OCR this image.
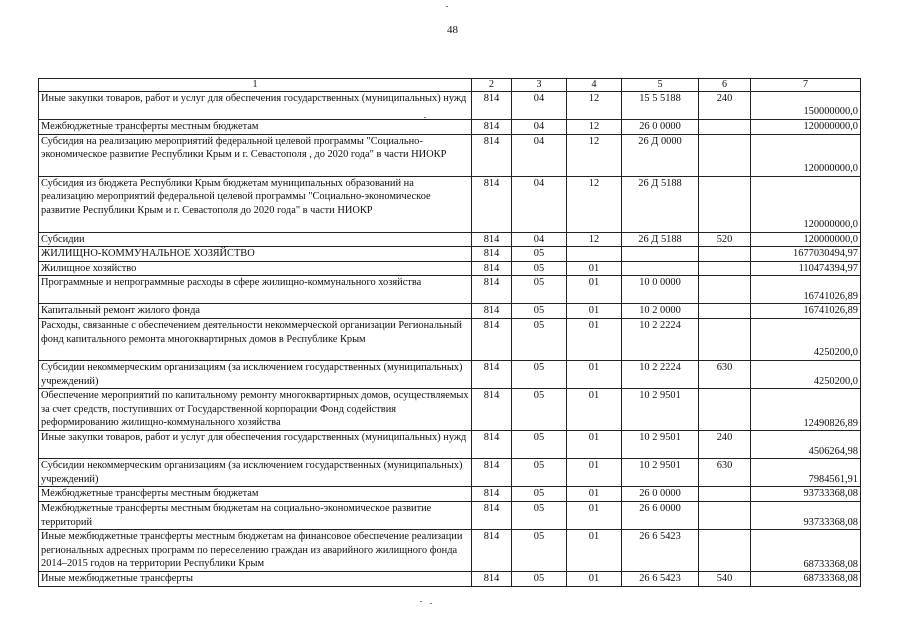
48
1	2	3	4	5	6	7
Иные закупки товаров, работ и услуг для обеспечения государственных (муниципальных) нужд	814	04	12	15 5 5188	240	150000000,0
Межбюджетные трансферты местным бюджетам	814	04	12	26 0 0000		120000000,0
Субсидия на реализацию мероприятий федеральной целевой программы "Социально-экономическое развитие Республики Крым и г. Севастополя , до 2020 года" в части НИОКР	814	04	12	26 Д 0000		120000000,0
Субсидия из бюджета Республики Крым бюджетам муниципальных образований на реализацию мероприятий федеральной целевой программы "Социально-экономическое развитие Республики Крым и г. Севастополя до 2020 года" в части НИОКР	814	04	12	26 Д 5188		120000000,0
Субсидии	814	04	12	26 Д 5188	520	120000000,0
ЖИЛИЩНО-КОММУНАЛЬНОЕ ХОЗЯЙСТВО	814	05				1677030494,97
Жилищное хозяйство	814	05	01			110474394,97
Программные и непрограммные расходы в сфере жилищно-коммунального хозяйства	814	05	01	10 0 0000		16741026,89
Капитальный ремонт жилого фонда	814	05	01	10 2 0000		16741026,89
Расходы, связанные с обеспечением деятельности некоммерческой организации Региональный фонд капитального ремонта многоквартирных домов в Республике Крым	814	05	01	10 2 2224		4250200,0
Субсидии некоммерческим организациям (за исключением государственных (муниципальных) учреждений)	814	05	01	10 2 2224	630	4250200,0
Обеспечение мероприятий по капитальному ремонту многоквартирных домов, осуществляемых за счет средств, поступивших от Государственной корпорации Фонд содействия реформированию жилищно-коммунального хозяйства	814	05	01	10 2 9501		12490826,89
Иные закупки товаров, работ и услуг для обеспечения государственных (муниципальных) нужд	814	05	01	10 2 9501	240	4506264,98
Субсидии некоммерческим организациям (за исключением государственных (муниципальных) учреждений)	814	05	01	10 2 9501	630	7984561,91
Межбюджетные трансферты местным бюджетам	814	05	01	26 0 0000		93733368,08
Межбюджетные трансферты местным бюджетам на социально-экономическое развитие территорий	814	05	01	26 6 0000		93733368,08
Иные межбюджетные трансферты местным бюджетам на финансовое обеспечение реализации региональных адресных программ по переселению граждан из аварийного жилищного фонда 2014–2015 годов на территории Республики Крым	814	05	01	26 6 5423		68733368,08
Иные межбюджетные трансферты	814	05	01	26 6 5423	540	68733368,08
